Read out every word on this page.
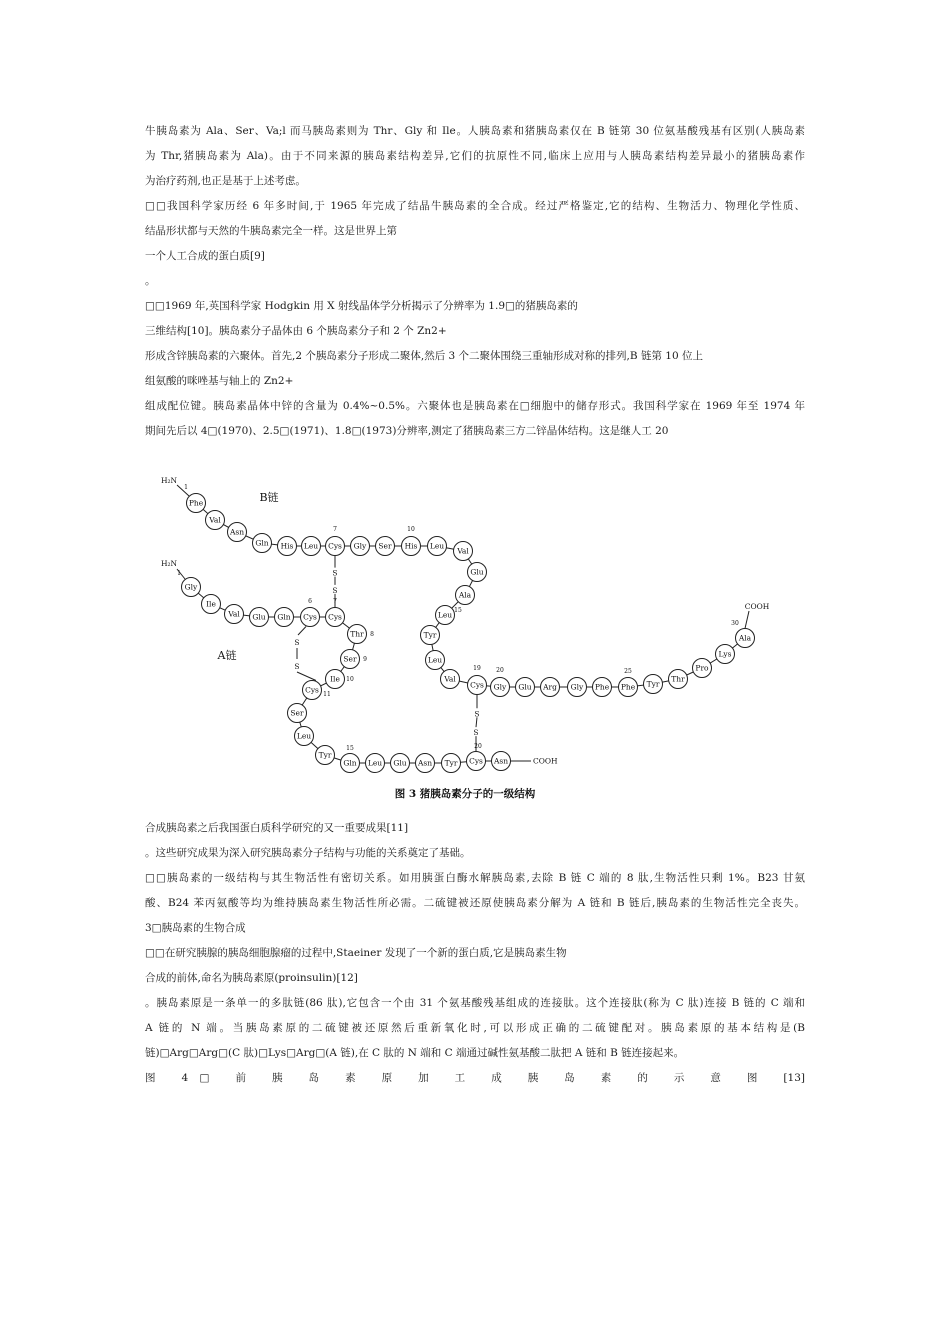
牛胰岛素为 Ala、Ser、Va;l 而马胰岛素则为 Thr、Gly 和 Ile。人胰岛素和猪胰岛素仅在 B 链第 30 位氨基酸残基有区别(人胰岛素
为 Thr,猪胰岛素为 Ala)。由于不同来源的胰岛素结构差异,它们的抗原性不同,临床上应用与人胰岛素结构差异最小的猪胰岛素作
为治疗药剂,也正是基于上述考虑。
□□我国科学家历经 6 年多时间,于 1965 年完成了结晶牛胰岛素的全合成。经过严格鉴定,它的结构、生物活力、物理化学性质、
结晶形状都与天然的牛胰岛素完全一样。这是世界上第
一个人工合成的蛋白质[9]
。
□□1969 年,英国科学家 Hodgkin 用 X 射线晶体学分析揭示了分辨率为 1.9□的猪胰岛素的
三维结构[10]。胰岛素分子晶体由 6 个胰岛素分子和 2 个 Zn2+
形成含锌胰岛素的六聚体。首先,2 个胰岛素分子形成二聚体,然后 3 个二聚体围绕三重轴形成对称的排列,B 链第 10 位上
组氨酸的咪唑基与轴上的 Zn2+
组成配位键。胰岛素晶体中锌的含量为 0.4%~0.5%。六聚体也是胰岛素在□细胞中的储存形式。我国科学家在 1969 年至 1974 年
期间先后以 4□(1970)、2.5□(1971)、1.8□(1973)分辨率,测定了猪胰岛素三方二锌晶体结构。这是继人工 20
Phe
Val
Asn
Gln His Leu Cys Gly Ser His Leu
Val
Glu
Ala
Leu
Tyr
Leu
Val
Cys Gly Glu Arg Gly Phe Phe Tyr
Thr
Pro
Lys
Ala
Gly
Ile
Val Glu Gln Cys Cys
Thr
Ser
Ile
Cys
Ser
Leu
Tyr
Gln Leu Glu Asn Tyr Cys Asn
1
7	10
15
19	20	25
30
1
6	7
8
9
10
11
15	20
S
S
S
S
S
S
H₂N
H₂N
COOH
COOH
B链
A链
图 3 猪胰岛素分子的一级结构
合成胰岛素之后我国蛋白质科学研究的又一重要成果[11]
。这些研究成果为深入研究胰岛素分子结构与功能的关系奠定了基础。
□□胰岛素的一级结构与其生物活性有密切关系。如用胰蛋白酶水解胰岛素,去除 B 链 C 端的 8 肽,生物活性只剩 1%。B23 甘氨
酸、B24 苯丙氨酸等均为维持胰岛素生物活性所必需。二硫键被还原使胰岛素分解为 A 链和 B 链后,胰岛素的生物活性完全丧失。
3□胰岛素的生物合成
□□在研究胰腺的胰岛细胞腺瘤的过程中,Staeiner 发现了一个新的蛋白质,它是胰岛素生物
合成的前体,命名为胰岛素原(proinsulin)[12]
。胰岛素原是一条单一的多肽链(86 肽),它包含一个由 31 个氨基酸残基组成的连接肽。这个连接肽(称为 C 肽)连接 B 链的 C 端和
A 链的 N 端。当胰岛素原的二硫键被还原然后重新氧化时,可以形成正确的二硫键配对。胰岛素原的基本结构是(B
链)□Arg□Arg□(C 肽)□Lys□Arg□(A 链),在 C 肽的 N 端和 C 端通过碱性氨基酸二肽把 A 链和 B 链连接起来。
图 4□ 前 胰 岛 素 原 加 工 成 胰 岛 素 的 示 意 图 [13]
